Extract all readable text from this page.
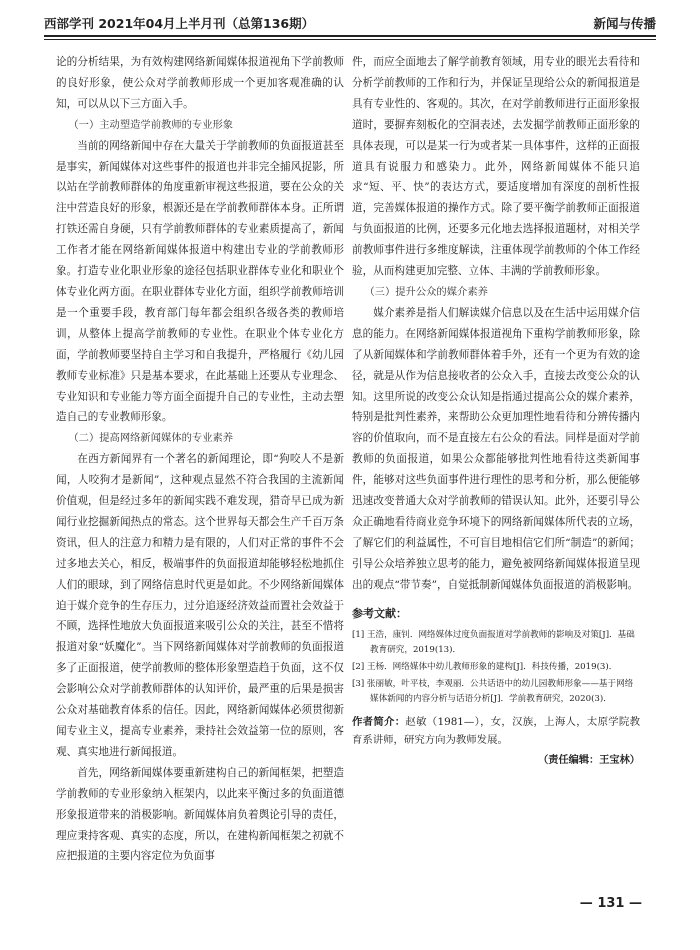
西部学刊 2021年04月上半月刊（总第136期）	新闻与传播

论的分析结果，为有效构建网络新闻媒体报道视角下学前教师的良好形象，使公众对学前教师形成一个更加客观准确的认知，可以从以下三方面入手。

（一）主动塑造学前教师的专业形象

当前的网络新闻中存在大量关于学前教师的负面报道甚至是事实，新闻媒体对这些事件的报道也并非完全捕风捉影，所以站在学前教师群体的角度重新审视这些报道，要在公众的关注中营造良好的形象，根源还是在学前教师群体本身。正所谓打铁还需自身硬，只有学前教师群体的专业素质提高了，新闻工作者才能在网络新闻媒体报道中构建出专业的学前教师形象。打造专业化职业形象的途径包括职业群体专业化和职业个体专业化两方面。在职业群体专业化方面，组织学前教师培训是一个重要手段，教育部门每年都会组织各级各类的教师培训，从整体上提高学前教师的专业性。在职业个体专业化方面，学前教师要坚持自主学习和自我提升，严格履行《幼儿园教师专业标准》只是基本要求，在此基础上还要从专业理念、专业知识和专业能力等方面全面提升自己的专业性，主动去塑造自己的专业教师形象。

（二）提高网络新闻媒体的专业素养

在西方新闻界有一个著名的新闻理论，即“狗咬人不是新闻，人咬狗才是新闻”，这种观点显然不符合我国的主流新闻价值观，但是经过多年的新闻实践不难发现，猎奇早已成为新闻行业挖掘新闻热点的常态。这个世界每天都会生产千百万条资讯，但人的注意力和精力是有限的，人们对正常的事件不会过多地去关心，相反，极端事件的负面报道却能够轻松地抓住人们的眼球，到了网络信息时代更是如此。不少网络新闻媒体迫于媒介竞争的生存压力，过分追逐经济效益而置社会效益于不顾，选择性地放大负面报道来吸引公众的关注，甚至不惜将报道对象“妖魔化”。当下网络新闻媒体对学前教师的负面报道多了正面报道，使学前教师的整体形象塑造趋于负面，这不仅会影响公众对学前教师群体的认知评价，最严重的后果是损害公众对基础教育体系的信任。因此，网络新闻媒体必须贯彻新闻专业主义，提高专业素养，秉持社会效益第一位的原则，客观、真实地进行新闻报道。

首先，网络新闻媒体要重新建构自己的新闻框架，把塑造学前教师的专业形象纳入框架内，以此来平衡过多的负面道德形象报道带来的消极影响。新闻媒体肩负着舆论引导的责任，理应秉持客观、真实的态度，所以，在建构新闻框架之初就不应把报道的主要内容定位为负面事

件，而应全面地去了解学前教育领域，用专业的眼光去看待和分析学前教师的工作和行为，并保证呈现给公众的新闻报道是具有专业性的、客观的。其次，在对学前教师进行正面形象报道时，要摒弃刻板化的空洞表述，去发掘学前教师正面形象的具体表现，可以是某一行为或者某一具体事件，这样的正面报道具有说服力和感染力。此外，网络新闻媒体不能只追求“短、平、快”的表达方式，要适度增加有深度的剖析性报道，完善媒体报道的操作方式。除了要平衡学前教师正面报道与负面报道的比例，还要多元化地去选择报道题材，对相关学前教师事件进行多维度解读，注重体现学前教师的个体工作经验，从而构建更加完整、立体、丰满的学前教师形象。

（三）提升公众的媒介素养

媒介素养是指人们解读媒介信息以及在生活中运用媒介信息的能力。在网络新闻媒体报道视角下重构学前教师形象，除了从新闻媒体和学前教师群体着手外，还有一个更为有效的途径，就是从作为信息接收者的公众入手，直接去改变公众的认知。这里所说的改变公众认知是指通过提高公众的媒介素养，特别是批判性素养，来帮助公众更加理性地看待和分辨传播内容的价值取向，而不是直接左右公众的看法。同样是面对学前教师的负面报道，如果公众都能够批判性地看待这类新闻事件，能够对这些负面事件进行理性的思考和分析，那么便能够迅速改变普通大众对学前教师的错误认知。此外，还要引导公众正确地看待商业竞争环境下的网络新闻媒体所代表的立场，了解它们的利益属性，不可盲目地相信它们所“制造”的新闻；引导公众培养独立思考的能力，避免被网络新闻媒体报道呈现出的观点“带节奏”，自觉抵制新闻媒体负面报道的消极影响。

参考文献：

[1] 王浩，康钊．网络媒体过度负面报道对学前教师的影响及对策[J]．基础教育研究，2019(13)．
[2] 王杨．网络媒体中幼儿教师形象的建构[J]．科技传播，2019(3)．
[3] 张丽敏，叶平枝，李观丽．公共话语中的幼儿园教师形象——基于网络媒体新闻的内容分析与话语分析[J]．学前教育研究，2020(3)．

作者简介：赵敏（1981—），女，汉族，上海人，太原学院教育系讲师，研究方向为教师发展。

（责任编辑：王宝林）
— 131 —
